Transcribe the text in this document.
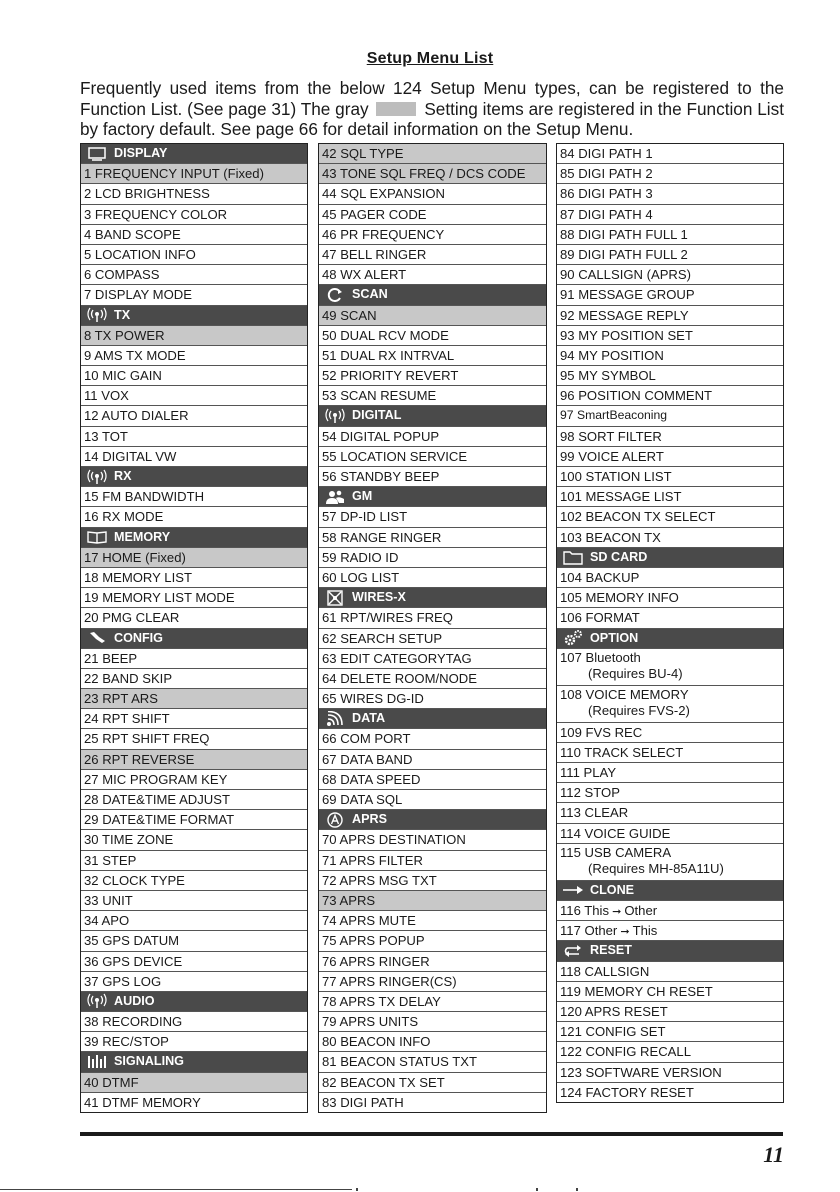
Setup Menu List
Frequently used items from the below 124 Setup Menu types, can be registered to the Function List. (See page 31) The gray	Setting items are registered in the Function List by factory default. See page 66 for detail information on the Setup Menu.
DISPLAY
1 FREQUENCY INPUT (Fixed)
2 LCD BRIGHTNESS
3 FREQUENCY COLOR
4 BAND SCOPE
5 LOCATION INFO
6 COMPASS
7 DISPLAY MODE
TX
8 TX POWER
9 AMS TX MODE
10 MIC GAIN
11 VOX
12 AUTO DIALER
13 TOT
14 DIGITAL VW
RX
15 FM BANDWIDTH
16 RX MODE
MEMORY
17 HOME (Fixed)
18 MEMORY LIST
19 MEMORY LIST MODE
20 PMG CLEAR
CONFIG
21 BEEP
22 BAND SKIP
23 RPT ARS
24 RPT SHIFT
25 RPT SHIFT FREQ
26 RPT REVERSE
27 MIC PROGRAM KEY
28 DATE&TIME ADJUST
29 DATE&TIME FORMAT
30 TIME ZONE
31 STEP
32 CLOCK TYPE
33 UNIT
34 APO
35 GPS DATUM
36 GPS DEVICE
37 GPS LOG
AUDIO
38 RECORDING
39 REC/STOP
SIGNALING
40 DTMF
41 DTMF MEMORY
42 SQL TYPE
43 TONE SQL FREQ / DCS CODE
44 SQL EXPANSION
45 PAGER CODE
46 PR FREQUENCY
47 BELL RINGER
48 WX ALERT
SCAN
49 SCAN
50 DUAL RCV MODE
51 DUAL RX INTRVAL
52 PRIORITY REVERT
53 SCAN RESUME
DIGITAL
54 DIGITAL POPUP
55 LOCATION SERVICE
56 STANDBY BEEP
GM
57 DP-ID LIST
58 RANGE RINGER
59 RADIO ID
60 LOG LIST
WIRES-X
61 RPT/WIRES FREQ
62 SEARCH SETUP
63 EDIT CATEGORYTAG
64 DELETE ROOM/NODE
65 WIRES DG-ID
DATA
66 COM PORT
67 DATA BAND
68 DATA SPEED
69 DATA SQL
APRS
70 APRS DESTINATION
71 APRS FILTER
72 APRS MSG TXT
73 APRS
74 APRS MUTE
75 APRS POPUP
76 APRS RINGER
77 APRS RINGER(CS)
78 APRS TX DELAY
79 APRS UNITS
80 BEACON INFO
81 BEACON STATUS TXT
82 BEACON TX SET
83 DIGI PATH
84 DIGI PATH 1
85 DIGI PATH 2
86 DIGI PATH 3
87 DIGI PATH 4
88 DIGI PATH FULL 1
89 DIGI PATH FULL 2
90 CALLSIGN (APRS)
91 MESSAGE GROUP
92 MESSAGE REPLY
93 MY POSITION SET
94 MY POSITION
95 MY SYMBOL
96 POSITION COMMENT
97 SmartBeaconing
98 SORT FILTER
99 VOICE ALERT
100 STATION LIST
101 MESSAGE LIST
102 BEACON TX SELECT
103 BEACON TX
SD CARD
104 BACKUP
105 MEMORY INFO
106 FORMAT
OPTION
107 Bluetooth
(Requires BU-4)
108 VOICE MEMORY
(Requires FVS-2)
109 FVS REC
110 TRACK SELECT
111 PLAY
112 STOP
113 CLEAR
114 VOICE GUIDE
115 USB CAMERA
(Requires MH-85A11U)
CLONE
116 This ➞ Other
117 Other ➞ This
RESET
118 CALLSIGN
119 MEMORY CH RESET
120 APRS RESET
121 CONFIG SET
122 CONFIG RECALL
123 SOFTWARE VERSION
124 FACTORY RESET
11
